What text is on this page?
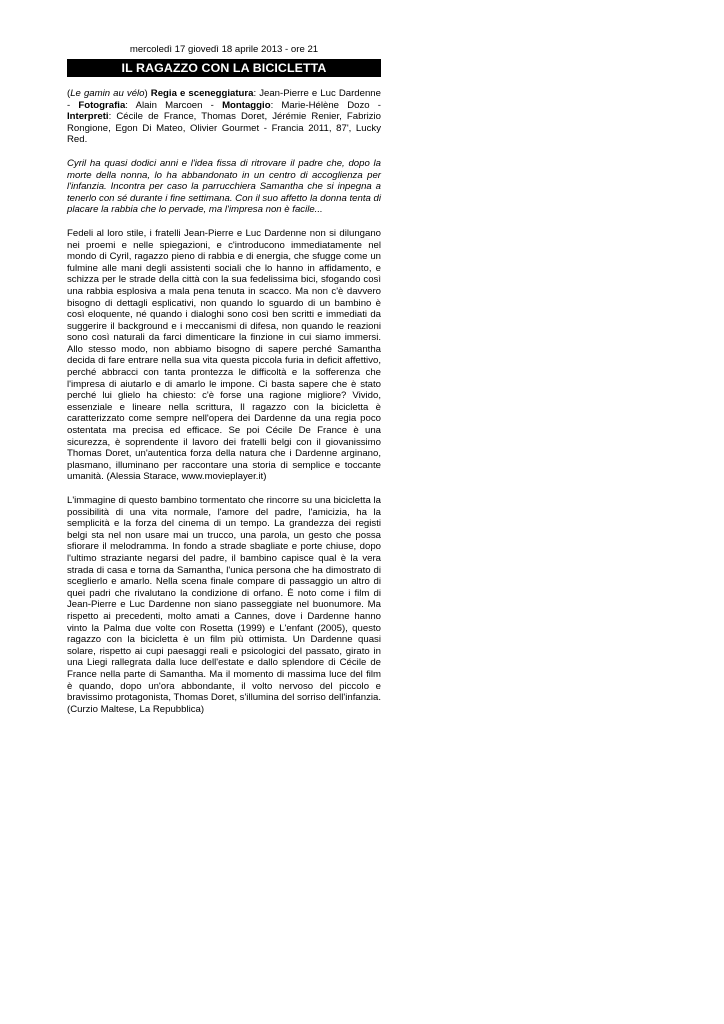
mercoledì 17 giovedì 18 aprile 2013 - ore 21
IL RAGAZZO CON LA BICICLETTA

(Le gamin au vélo) Regia e sceneggiatura: Jean-Pierre e Luc Dardenne - Fotografia: Alain Marcoen - Montaggio: Marie-Hélène Dozo - Interpreti: Cécile de France, Thomas Doret, Jérémie Renier, Fabrizio Rongione, Egon Di Mateo, Olivier Gourmet - Francia 2011, 87', Lucky Red.

Cyril ha quasi dodici anni e l'idea fissa di ritrovare il padre che, dopo la morte della nonna, lo ha abbandonato in un centro di accoglienza per l'infanzia. Incontra per caso la parrucchiera Samantha che si inpegna a tenerlo con sé durante i fine settimana. Con il suo affetto la donna tenta di placare la rabbia che lo pervade, ma l'impresa non è facile...

Fedeli al loro stile, i fratelli Jean-Pierre e Luc Dardenne non si dilungano nei proemi e nelle spiegazioni, e c'introducono immediatamente nel mondo di Cyril, ragazzo pieno di rabbia e di energia, che sfugge come un fulmine alle mani degli assistenti sociali che lo hanno in affidamento, e schizza per le strade della città con la sua fedelissima bici, sfogando così una rabbia esplosiva a mala pena tenuta in scacco. Ma non c'è davvero bisogno di dettagli esplicativi, non quando lo sguardo di un bambino è così eloquente, né quando i dialoghi sono così ben scritti e immediati da suggerire il background e i meccanismi di difesa, non quando le reazioni sono così naturali da farci dimenticare la finzione in cui siamo immersi. Allo stesso modo, non abbiamo bisogno di sapere perché Samantha decida di fare entrare nella sua vita questa piccola furia in deficit affettivo, perché abbracci con tanta prontezza le difficoltà e la sofferenza che l'impresa di aiutarlo e di amarlo le impone. Ci basta sapere che è stato perché lui glielo ha chiesto: c'è forse una ragione migliore? Vivido, essenziale e lineare nella scrittura, Il ragazzo con la bicicletta è caratterizzato come sempre nell'opera dei Dardenne da una regia poco ostentata ma precisa ed efficace. Se poi Cécile De France è una sicurezza, è soprendente il lavoro dei fratelli belgi con il giovanissimo Thomas Doret, un'autentica forza della natura che i Dardenne arginano, plasmano, illuminano per raccontare una storia di semplice e toccante umanità. (Alessia Starace, www.movieplayer.it)

L'immagine di questo bambino tormentato che rincorre su una bicicletta la possibilità di una vita normale, l'amore del padre, l'amicizia, ha la semplicità e la forza del cinema di un tempo. La grandezza dei registi belgi sta nel non usare mai un trucco, una parola, un gesto che possa sfiorare il melodramma. In fondo a strade sbagliate e porte chiuse, dopo l'ultimo straziante negarsi del padre, il bambino capisce qual è la vera strada di casa e torna da Samantha, l'unica persona che ha dimostrato di sceglierlo e amarlo. Nella scena finale compare di passaggio un altro di quei padri che rivalutano la condizione di orfano. È noto come i film di Jean-Pierre e Luc Dardenne non siano passeggiate nel buonumore. Ma rispetto ai precedenti, molto amati a Cannes, dove i Dardenne hanno vinto la Palma due volte con Rosetta (1999) e L'enfant (2005), questo ragazzo con la bicicletta è un film più ottimista. Un Dardenne quasi solare, rispetto ai cupi paesaggi reali e psicologici del passato, girato in una Liegi rallegrata dalla luce dell'estate e dallo splendore di Cécile de France nella parte di Samantha. Ma il momento di massima luce del film è quando, dopo un'ora abbondante, il volto nervoso del piccolo e bravissimo protagonista, Thomas Doret, s'illumina del sorriso dell'infanzia. (Curzio Maltese, La Repubblica)
